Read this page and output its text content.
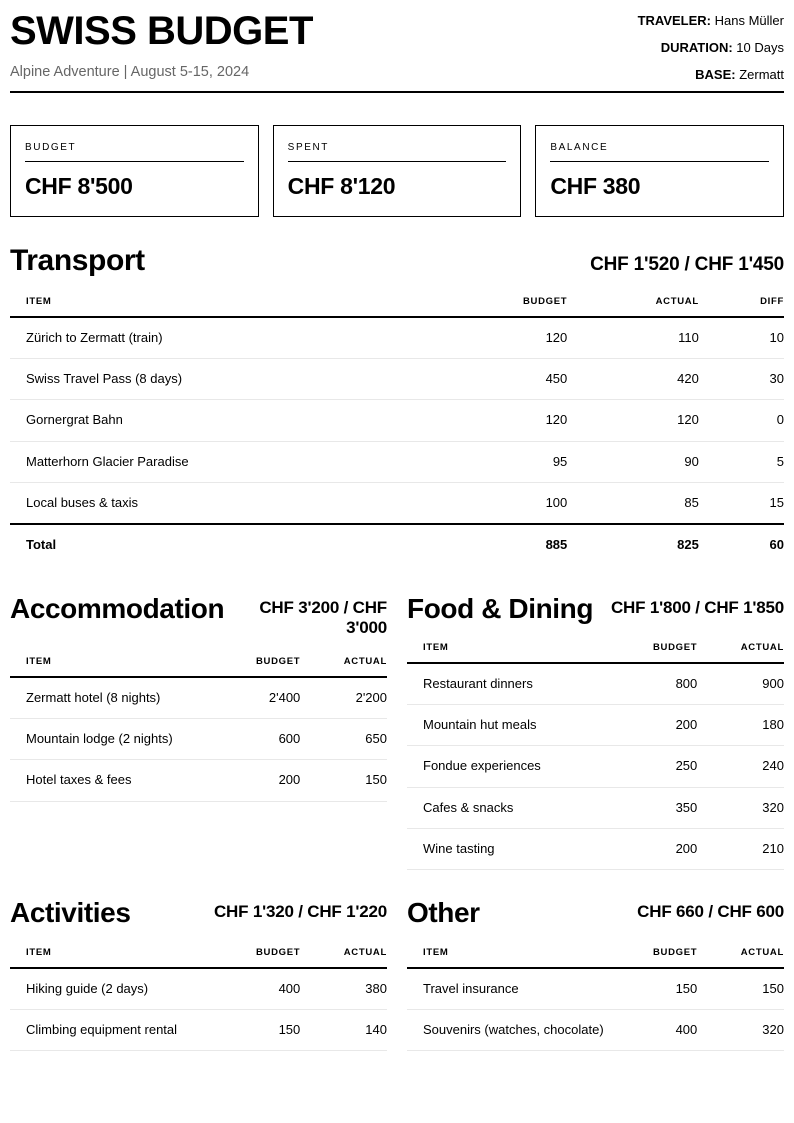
SWISS BUDGET
Alpine Adventure | August 5-15, 2024
TRAVELER: Hans Müller
DURATION: 10 Days
BASE: Zermatt
BUDGET
CHF 8'500
SPENT
CHF 8'120
BALANCE
CHF 380
Transport	CHF 1'520 / CHF 1'450
ITEM	BUDGET	ACTUAL	DIFF
Zürich to Zermatt (train)	120	110	10
Swiss Travel Pass (8 days)	450	420	30
Gornergrat Bahn	120	120	0
Matterhorn Glacier Paradise	95	90	5
Local buses & taxis	100	85	15
Total	885	825	60
Accommodation	CHF 3'200 / CHF 3'000
ITEM	BUDGET	ACTUAL
Zermatt hotel (8 nights)	2'400	2'200
Mountain lodge (2 nights)	600	650
Hotel taxes & fees	200	150
Food & Dining CHF 1'800 / CHF 1'850
ITEM	BUDGET	ACTUAL
Restaurant dinners	800	900
Mountain hut meals	200	180
Fondue experiences	250	240
Cafes & snacks	350	320
Wine tasting	200	210
Activities	CHF 1'320 / CHF 1'220
ITEM	BUDGET	ACTUAL
Hiking guide (2 days)	400	380
Climbing equipment rental	150	140
Other	CHF 660 / CHF 600
ITEM	BUDGET	ACTUAL
Travel insurance	150	150
Souvenirs (watches, chocolate)	400	320
